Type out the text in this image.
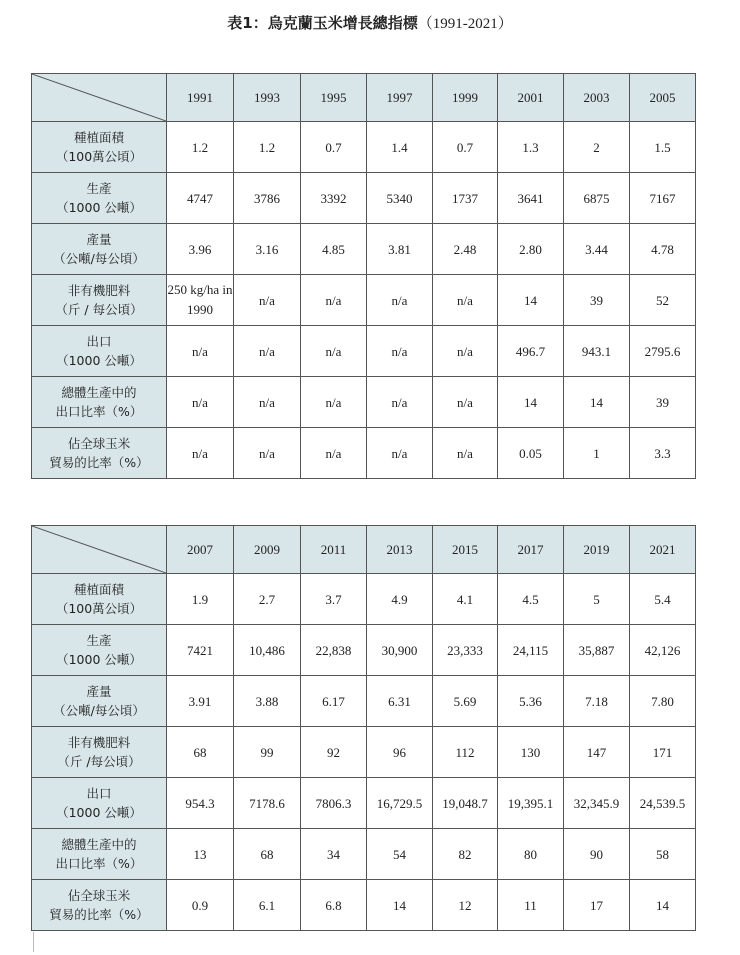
表1：烏克蘭玉米增長總指標（1991-2021）
	1991	1993	1995	1997	1999	2001	2003	2005

種植面積
（100萬公頃）	1.2	1.2	0.7	1.4	0.7	1.3	2	1.5

生產
（1000 公噸）	4747	3786	3392	5340	1737	3641	6875	7167

產量
（公噸/每公頃）	3.96	3.16	4.85	3.81	2.48	2.80	3.44	4.78

非有機肥料
（斤 / 每公頃）	250 kg/ha in 1990	n/a	n/a	n/a	n/a	14	39	52

出口
（1000 公噸）	n/a	n/a	n/a	n/a	n/a	496.7	943.1	2795.6

總體生產中的
出口比率（%）	n/a	n/a	n/a	n/a	n/a	14	14	39

佔全球玉米
貿易的比率（%）	n/a	n/a	n/a	n/a	n/a	0.05	1	3.3
	2007	2009	2011	2013	2015	2017	2019	2021

種植面積
（100萬公頃）	1.9	2.7	3.7	4.9	4.1	4.5	5	5.4

生產
（1000 公噸）	7421	10,486	22,838	30,900	23,333	24,115	35,887	42,126

產量
（公噸/每公頃）	3.91	3.88	6.17	6.31	5.69	5.36	7.18	7.80

非有機肥料
（斤 /每公頃）	68	99	92	96	112	130	147	171

出口
（1000 公噸）	954.3	7178.6	7806.3	16,729.5	19,048.7	19,395.1	32,345.9	24,539.5

總體生產中的
出口比率（%）	13	68	34	54	82	80	90	58

佔全球玉米
貿易的比率（%）	0.9	6.1	6.8	14	12	11	17	14
